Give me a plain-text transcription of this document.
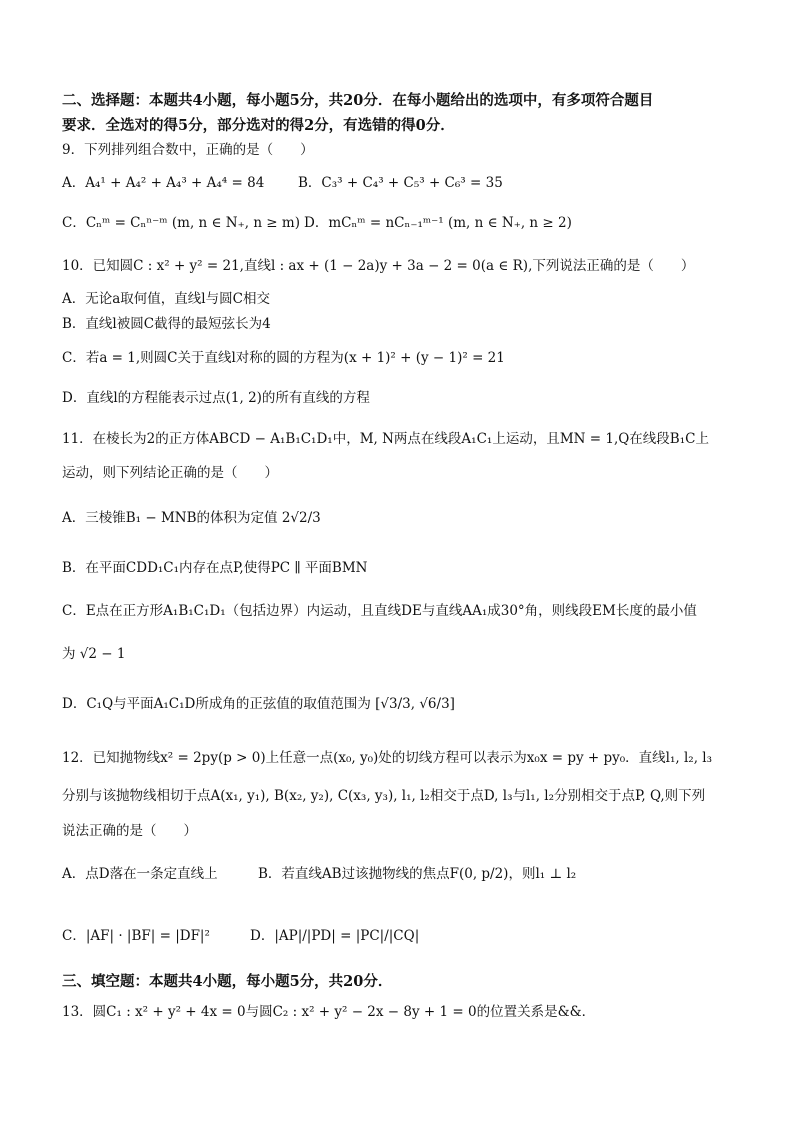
二、选择题：本题共4小题，每小题5分，共20分．在每小题给出的选项中，有多项符合题目
要求．全选对的得5分，部分选对的得2分，有选错的得0分．
9．下列排列组合数中，正确的是（　　）
A．A₄¹ + A₄² + A₄³ + A₄⁴ = 84 B．C₃³ + C₄³ + C₅³ + C₆³ = 35
C．Cₙᵐ = Cₙⁿ⁻ᵐ (m, n ∈ N₊, n ≥ m) D．mCₙᵐ = nCₙ₋₁ᵐ⁻¹ (m, n ∈ N₊, n ≥ 2)
10．已知圆C : x² + y² = 21,直线l : ax + (1 − 2a)y + 3a − 2 = 0(a ∈ R),下列说法正确的是（　　）
A．无论a取何值，直线l与圆C相交
B．直线l被圆C截得的最短弦长为4
C．若a = 1,则圆C关于直线l对称的圆的方程为(x + 1)² + (y − 1)² = 21
D．直线l的方程能表示过点(1, 2)的所有直线的方程
11．在棱长为2的正方体ABCD − A₁B₁C₁D₁中，M, N两点在线段A₁C₁上运动，且MN = 1,Q在线段B₁C上
运动，则下列结论正确的是（　　）
A．三棱锥B₁ − MNB的体积为定值 2√2/3
B．在平面CDD₁C₁内存在点P,使得PC ∥ 平面BMN
C．E点在正方形A₁B₁C₁D₁（包括边界）内运动，且直线DE与直线AA₁成30°角，则线段EM长度的最小值
为 √2 − 1
D．C₁Q与平面A₁C₁D所成角的正弦值的取值范围为 [√3/3, √6/3]
12．已知抛物线x² = 2py(p > 0)上任意一点(x₀, y₀)处的切线方程可以表示为x₀x = py + py₀．直线l₁, l₂, l₃
分别与该抛物线相切于点A(x₁, y₁), B(x₂, y₂), C(x₃, y₃), l₁, l₂相交于点D, l₃与l₁, l₂分别相交于点P, Q,则下列
说法正确的是（　　）
A．点D落在一条定直线上	B．若直线AB过该抛物线的焦点F(0, p/2)，则l₁ ⊥ l₂
C．|AF| · |BF| = |DF|²	D．|AP|/|PD| = |PC|/|CQ|
三、填空题：本题共4小题，每小题5分，共20分．
13．圆C₁ : x² + y² + 4x = 0与圆C₂ : x² + y² − 2x − 8y + 1 = 0的位置关系是&&．
